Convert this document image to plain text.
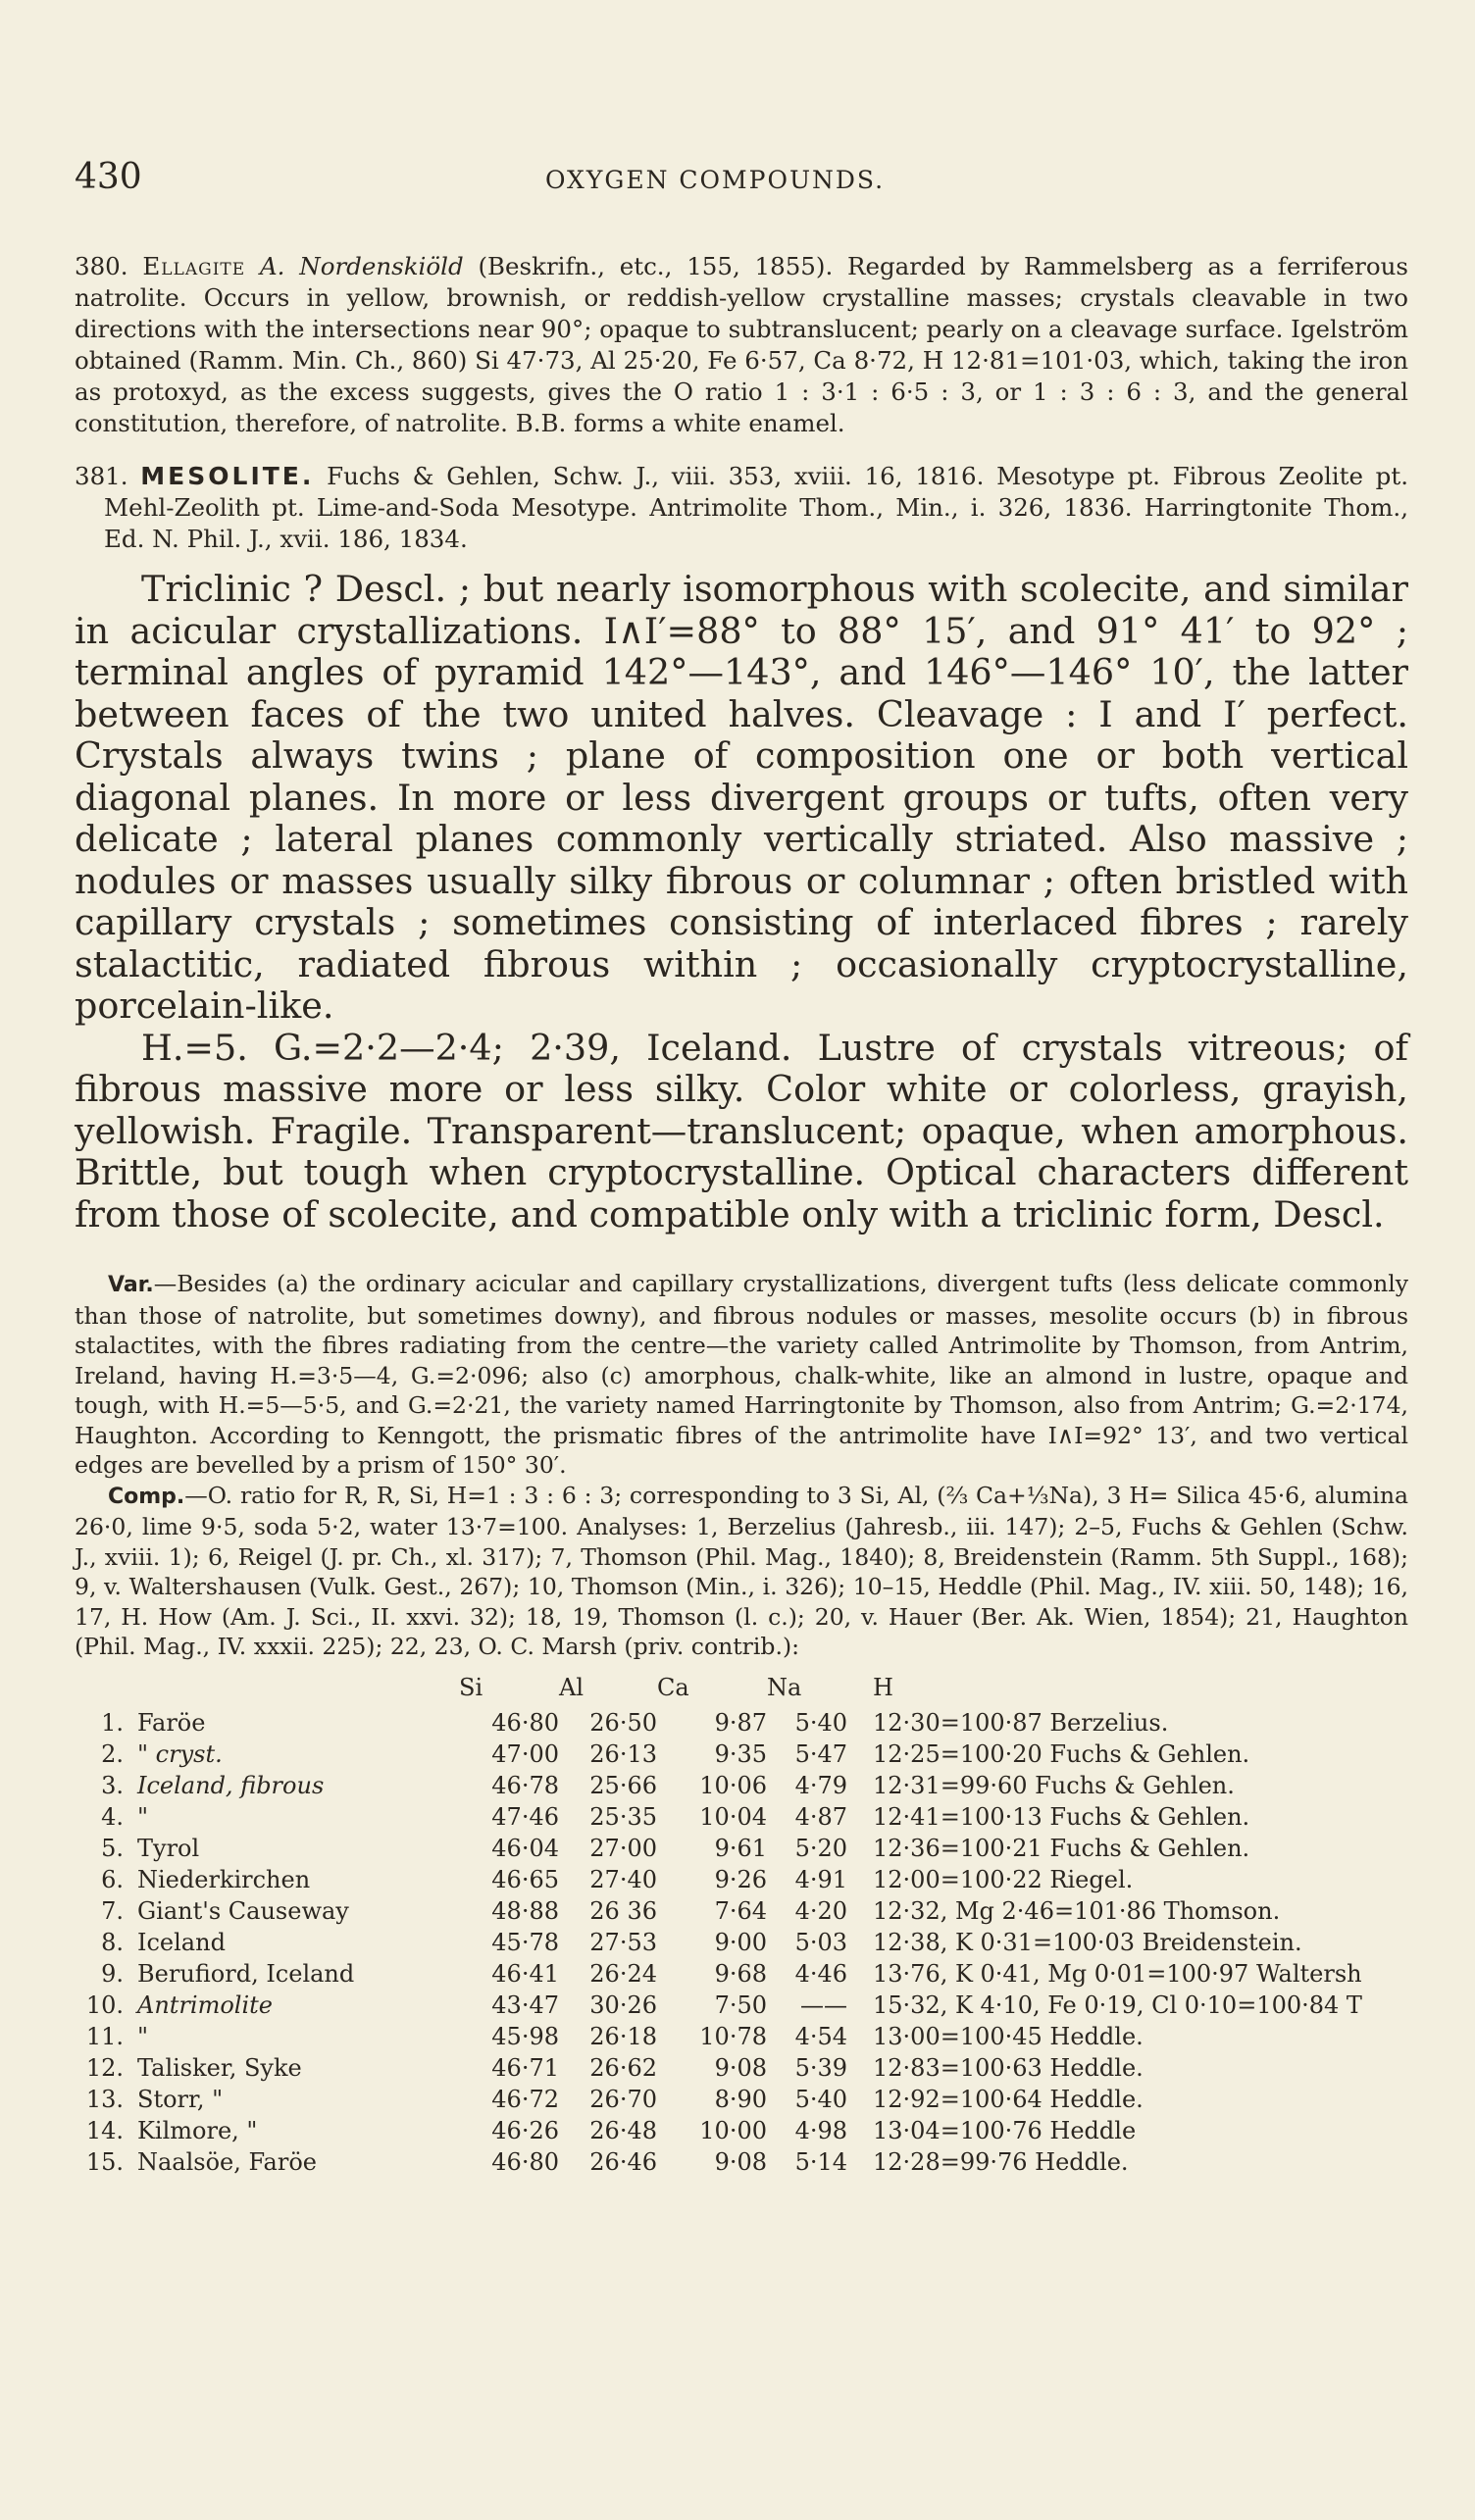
430	OXYGEN COMPOUNDS.

380. Ellagite A. Nordenskiöld (Beskrifn., etc., 155, 1855). Regarded by Rammelsberg as a ferriferous natrolite. Occurs in yellow, brownish, or reddish-yellow crystalline masses; crystals cleavable in two directions with the intersections near 90°; opaque to subtranslucent; pearly on a cleavage surface. Igelström obtained (Ramm. Min. Ch., 860) Si 47·73, Al 25·20, Fe 6·57, Ca 8·72, H 12·81=101·03, which, taking the iron as protoxyd, as the excess suggests, gives the O ratio 1 : 3·1 : 6·5 : 3, or 1 : 3 : 6 : 3, and the general constitution, therefore, of natrolite. B.B. forms a white enamel.

381. MESOLITE. Fuchs & Gehlen, Schw. J., viii. 353, xviii. 16, 1816. Mesotype pt. Fibrous Zeolite pt. Mehl-Zeolith pt. Lime-and-Soda Mesotype. Antrimolite Thom., Min., i. 326, 1836. Harringtonite Thom., Ed. N. Phil. J., xvii. 186, 1834.

Triclinic ? Descl. ; but nearly isomorphous with scolecite, and similar in acicular crystallizations. I∧I′=88° to 88° 15′, and 91° 41′ to 92° ; terminal angles of pyramid 142°—143°, and 146°—146° 10′, the latter between faces of the two united halves. Cleavage : I and I′ perfect. Crystals always twins ; plane of composition one or both vertical diagonal planes. In more or less divergent groups or tufts, often very delicate ; lateral planes commonly vertically striated. Also massive ; nodules or masses usually silky fibrous or columnar ; often bristled with capillary crystals ; sometimes consisting of interlaced fibres ; rarely stalactitic, radiated fibrous within ; occasionally cryptocrystalline, porcelain-like.

H.=5. G.=2·2—2·4; 2·39, Iceland. Lustre of crystals vitreous; of fibrous massive more or less silky. Color white or colorless, grayish, yellowish. Fragile. Transparent—translucent; opaque, when amorphous. Brittle, but tough when cryptocrystalline. Optical characters different from those of scolecite, and compatible only with a triclinic form, Descl.

Var.—Besides (a) the ordinary acicular and capillary crystallizations, divergent tufts (less delicate commonly than those of natrolite, but sometimes downy), and fibrous nodules or masses, mesolite occurs (b) in fibrous stalactites, with the fibres radiating from the centre—the variety called Antrimolite by Thomson, from Antrim, Ireland, having H.=3·5—4, G.=2·096; also (c) amorphous, chalk-white, like an almond in lustre, opaque and tough, with H.=5—5·5, and G.=2·21, the variety named Harringtonite by Thomson, also from Antrim; G.=2·174, Haughton. According to Kenngott, the prismatic fibres of the antrimolite have I∧I=92° 13′, and two vertical edges are bevelled by a prism of 150° 30′.

Comp.—O. ratio for R, R, Si, H=1 : 3 : 6 : 3; corresponding to 3 Si, Al, (⅔ Ca+⅓Na), 3 H= Silica 45·6, alumina 26·0, lime 9·5, soda 5·2, water 13·7=100. Analyses: 1, Berzelius (Jahresb., iii. 147); 2–5, Fuchs & Gehlen (Schw. J., xviii. 1); 6, Reigel (J. pr. Ch., xl. 317); 7, Thomson (Phil. Mag., 1840); 8, Breidenstein (Ramm. 5th Suppl., 168); 9, v. Waltershausen (Vulk. Gest., 267); 10, Thomson (Min., i. 326); 10–15, Heddle (Phil. Mag., IV. xiii. 50, 148); 16, 17, H. How (Am. J. Sci., II. xxvi. 32); 18, 19, Thomson (l. c.); 20, v. Hauer (Ber. Ak. Wien, 1854); 21, Haughton (Phil. Mag., IV. xxxii. 225); 22, 23, O. C. Marsh (priv. contrib.):

		Si	Al	Ca	Na	H
1.	Faröe	46·80	26·50	9·87	5·40	12·30=100·87 Berzelius.
2.	" cryst.	47·00	26·13	9·35	5·47	12·25=100·20 Fuchs & Gehlen.
3.	Iceland, fibrous	46·78	25·66	10·06	4·79	12·31=99·60 Fuchs & Gehlen.
4.	"	47·46	25·35	10·04	4·87	12·41=100·13 Fuchs & Gehlen.
5.	Tyrol	46·04	27·00	9·61	5·20	12·36=100·21 Fuchs & Gehlen.
6.	Niederkirchen	46·65	27·40	9·26	4·91	12·00=100·22 Riegel.
7.	Giant's Causeway	48·88	26 36	7·64	4·20	12·32, Mg 2·46=101·86 Thomson.
8.	Iceland	45·78	27·53	9·00	5·03	12·38, K 0·31=100·03 Breidenstein.
9.	Berufiord, Iceland	46·41	26·24	9·68	4·46	13·76, K 0·41, Mg 0·01=100·97 Waltersh
10.	Antrimolite	43·47	30·26	7·50	——	15·32, K 4·10, Fe 0·19, Cl 0·10=100·84 T
11.	"	45·98	26·18	10·78	4·54	13·00=100·45 Heddle.
12.	Talisker, Syke	46·71	26·62	9·08	5·39	12·83=100·63 Heddle.
13.	Storr, "	46·72	26·70	8·90	5·40	12·92=100·64 Heddle.
14.	Kilmore, "	46·26	26·48	10·00	4·98	13·04=100·76 Heddle
15.	Naalsöe, Faröe	46·80	26·46	9·08	5·14	12·28=99·76 Heddle.
